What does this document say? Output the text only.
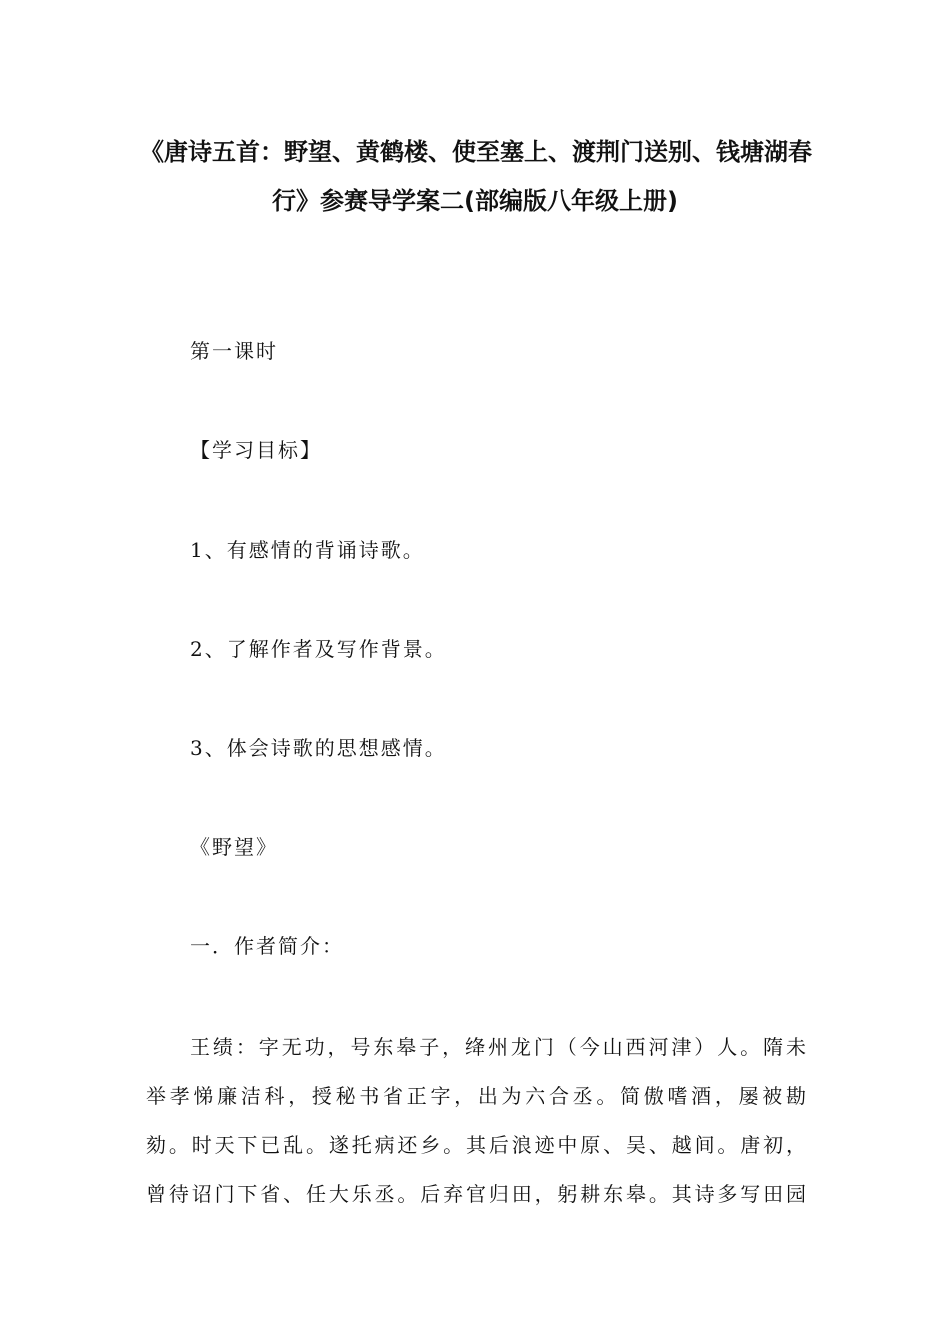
《唐诗五首：野望、黄鹤楼、使至塞上、渡荆门送别、钱塘湖春
行》参赛导学案二(部编版八年级上册)
第一课时
【学习目标】
1、有感情的背诵诗歌。
2、了解作者及写作背景。
3、体会诗歌的思想感情。
《野望》
一．作者简介：
王绩：字无功，号东皋子，绛州龙门（今山西河津）人。隋未
举孝悌廉洁科，授秘书省正字，出为六合丞。简傲嗜酒，屡被勘
劾。时天下已乱。遂托病还乡。其后浪迹中原、吴、越间。唐初，
曾待诏门下省、任大乐丞。后弃官归田，躬耕东皋。其诗多写田园
